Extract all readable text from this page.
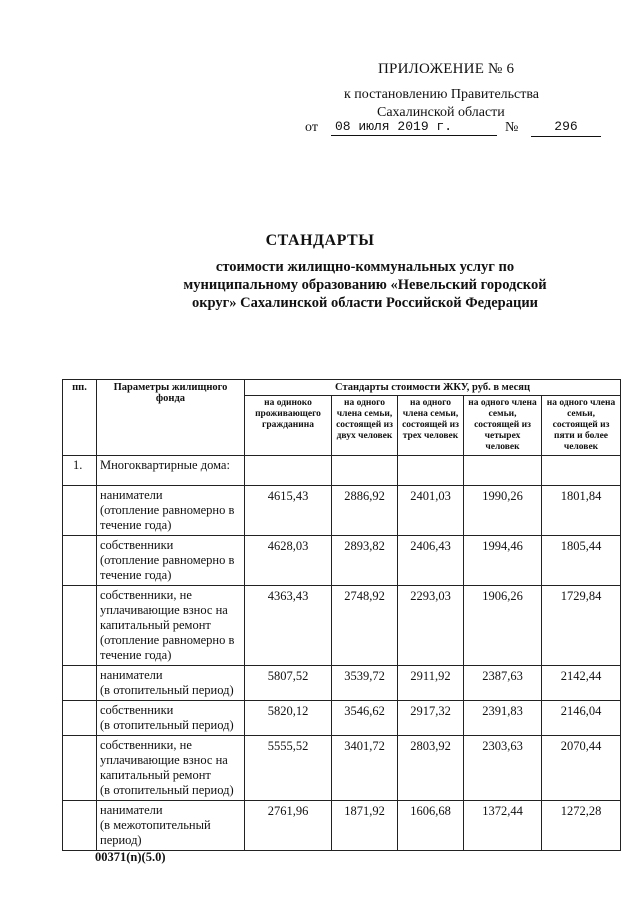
ПРИЛОЖЕНИЕ № 6
к постановлению Правительства
Сахалинской области
от	08 июля 2019 г.	№	296
СТАНДАРТЫ
стоимости жилищно-коммунальных услуг по
муниципальному образованию «Невельский городской
округ» Сахалинской области Российской Федерации
пп.	Параметры жилищного фонда	Стандарты стоимости ЖКУ, руб. в месяц				
		на одиноко проживающего гражданина	на одного члена семьи, состоящей из двух человек	на одного члена семьи, состоящей из трех человек	на одного члена семьи, состоящей из четырех человек	на одного члена семьи, состоящей из пяти и более человек
1.	Многоквартирные дома:					

	наниматели
(отопление равномерно в
течение года)	4615,43	2886,92	2401,03	1990,26	1801,84

	собственники
(отопление равномерно в
течение года)	4628,03	2893,82	2406,43	1994,46	1805,44

	собственники, не
уплачивающие взнос на
капитальный ремонт
(отопление равномерно в
течение года)	4363,43	2748,92	2293,03	1906,26	1729,84

	наниматели
(в отопительный период)	5807,52	3539,72	2911,92	2387,63	2142,44

	собственники
(в отопительный период)	5820,12	3546,62	2917,32	2391,83	2146,04

	собственники, не
уплачивающие взнос на
капитальный ремонт
(в отопительный период)	5555,52	3401,72	2803,92	2303,63	2070,44

	наниматели
(в межотопительный
период)	2761,96	1871,92	1606,68	1372,44	1272,28
00371(n)(5.0)
